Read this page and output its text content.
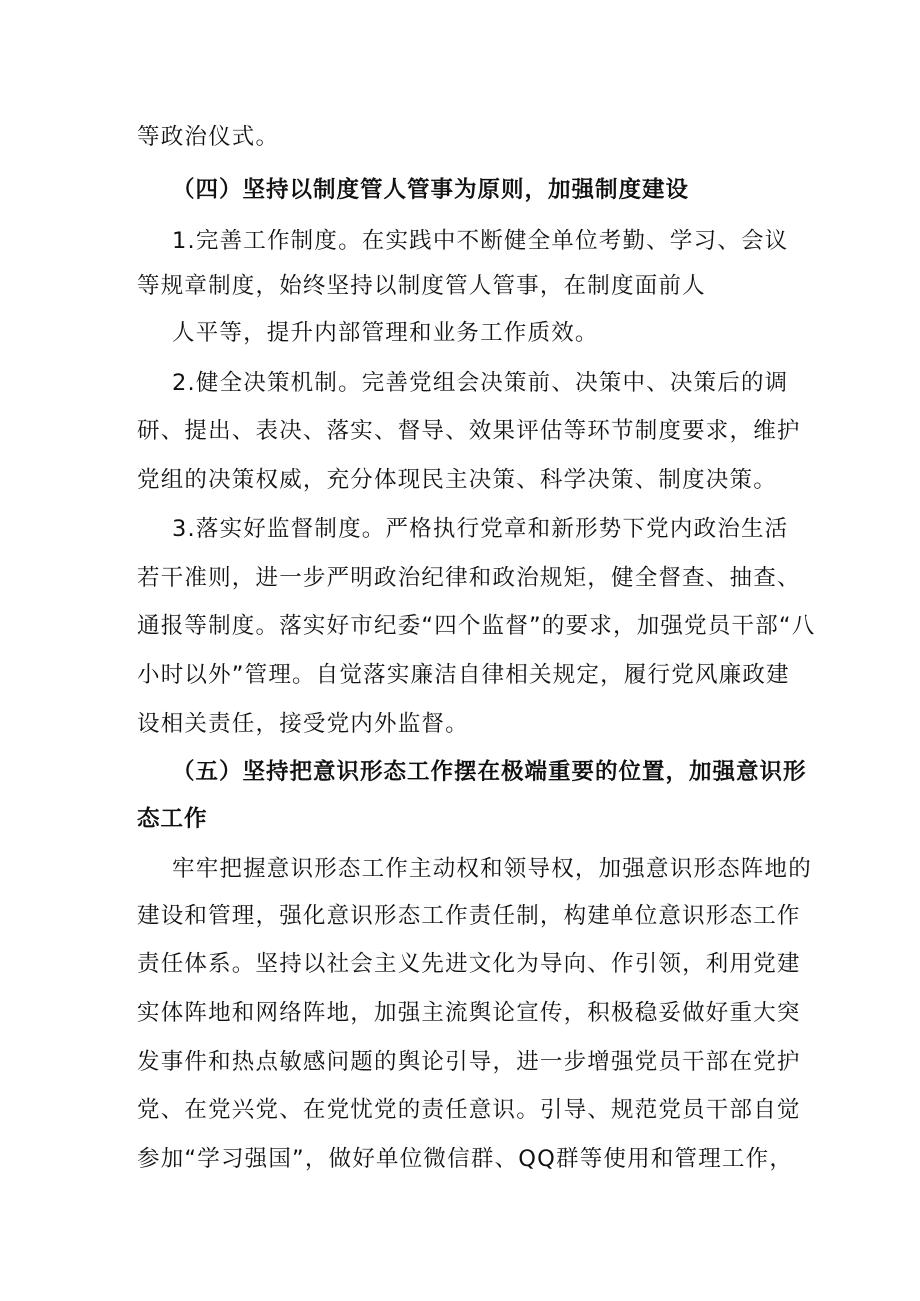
等政治仪式。
（四）坚持以制度管人管事为原则，加强制度建设
1.完善工作制度。在实践中不断健全单位考勤、学习、会议
等规章制度，始终坚持以制度管人管事，在制度面前人
人平等，提升内部管理和业务工作质效。
2.健全决策机制。完善党组会决策前、决策中、决策后的调
研、提出、表决、落实、督导、效果评估等环节制度要求，维护
党组的决策权威，充分体现民主决策、科学决策、制度决策。
3.落实好监督制度。严格执行党章和新形势下党内政治生活
若干准则，进一步严明政治纪律和政治规矩，健全督查、抽查、
通报等制度。落实好市纪委“四个监督”的要求，加强党员干部“八
小时以外”管理。自觉落实廉洁自律相关规定，履行党风廉政建
设相关责任，接受党内外监督。
（五）坚持把意识形态工作摆在极端重要的位置，加强意识形
态工作
牢牢把握意识形态工作主动权和领导权，加强意识形态阵地的
建设和管理，强化意识形态工作责任制，构建单位意识形态工作
责任体系。坚持以社会主义先进文化为导向、作引领，利用党建
实体阵地和网络阵地，加强主流舆论宣传，积极稳妥做好重大突
发事件和热点敏感问题的舆论引导，进一步增强党员干部在党护
党、在党兴党、在党忧党的责任意识。引导、规范党员干部自觉
参加“学习强国”，做好单位微信群、QQ群等使用和管理工作，
